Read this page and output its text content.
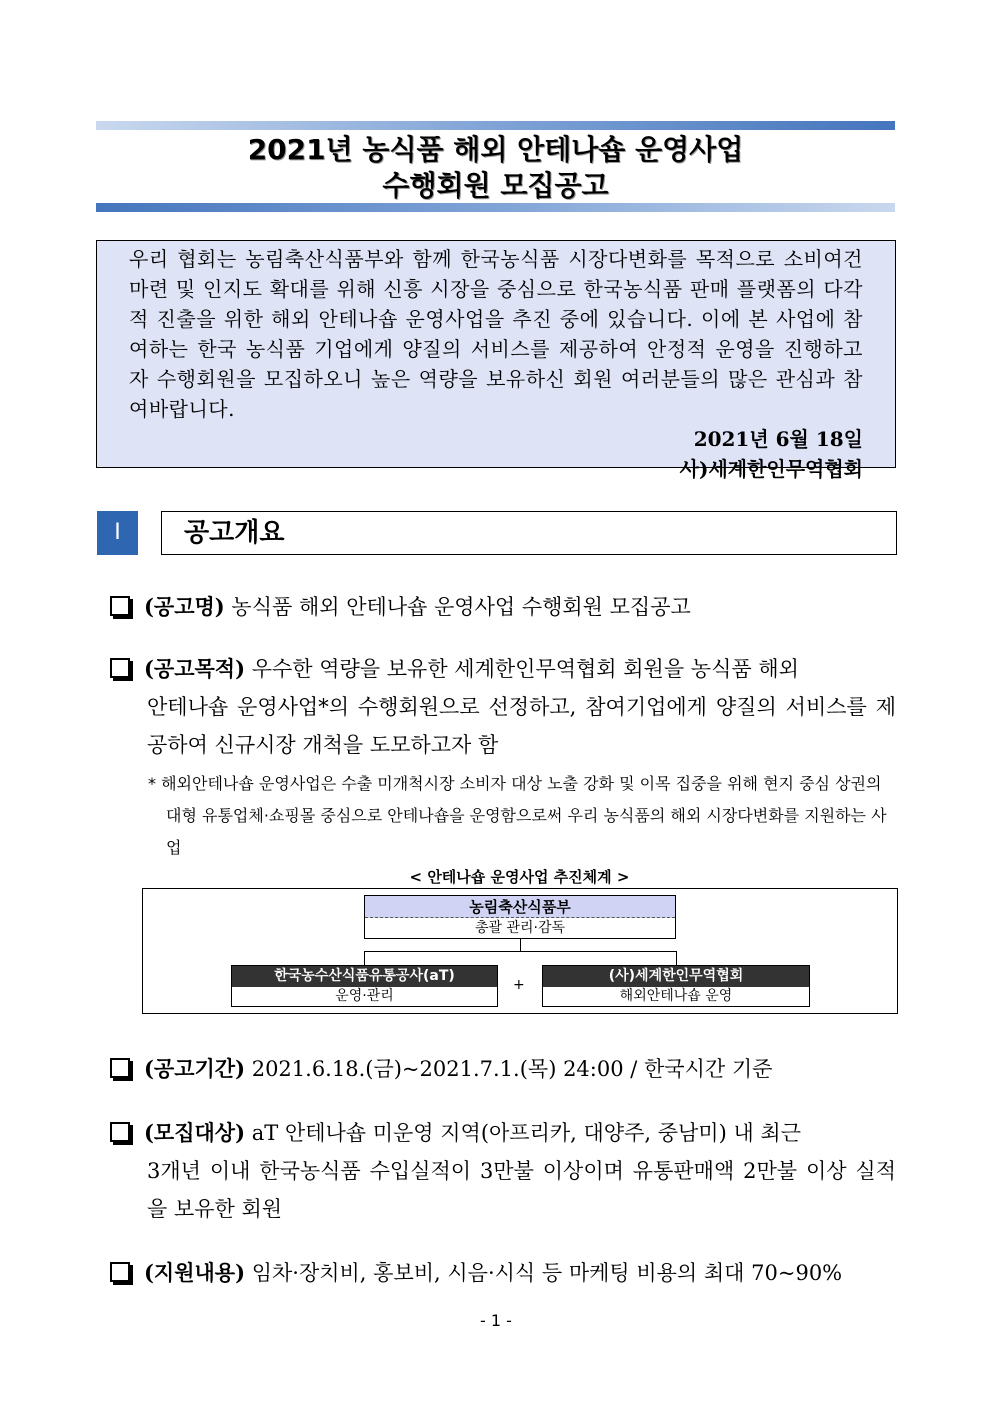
2021년 농식품 해외 안테나숍 운영사업
수행회원 모집공고
우리 협회는 농림축산식품부와 함께 한국농식품 시장다변화를 목적으로 소비여건 마련 및 인지도 확대를 위해 신흥 시장을 중심으로 한국농식품 판매 플랫폼의 다각적 진출을 위한 해외 안테나숍 운영사업을 추진 중에 있습니다. 이에 본 사업에 참여하는 한국 농식품 기업에게 양질의 서비스를 제공하여 안정적 운영을 진행하고자 수행회원을 모집하오니 높은 역량을 보유하신 회원 여러분들의 많은 관심과 참여바랍니다.
2021년 6월 18일
사)세계한인무역협회
Ⅰ	공고개요
(공고명) 농식품 해외 안테나숍 운영사업 수행회원 모집공고
(공고목적) 우수한 역량을 보유한 세계한인무역협회 회원을 농식품 해외
안테나숍 운영사업*의 수행회원으로 선정하고, 참여기업에게 양질의 서비스를 제공하여 신규시장 개척을 도모하고자 함
* 해외안테나숍 운영사업은 수출 미개척시장 소비자 대상 노출 강화 및 이목 집중을 위해 현지 중심 상권의 대형 유통업체·쇼핑몰 중심으로 안테나숍을 운영함으로써 우리 농식품의 해외 시장다변화를 지원하는 사업
< 안테나숍 운영사업 추진체계 >
농림축산식품부
총괄 관리·감독
한국농수산식품유통공사(aT)
운영·관리
+
(사)세계한인무역협회
해외안테나숍 운영
(공고기간) 2021.6.18.(금)~2021.7.1.(목) 24:00 / 한국시간 기준
(모집대상) aT 안테나숍 미운영 지역(아프리카, 대양주, 중남미) 내 최근
3개년 이내 한국농식품 수입실적이 3만불 이상이며 유통판매액 2만불 이상 실적을 보유한 회원
(지원내용) 임차·장치비, 홍보비, 시음·시식 등 마케팅 비용의 최대 70~90%
- 1 -
